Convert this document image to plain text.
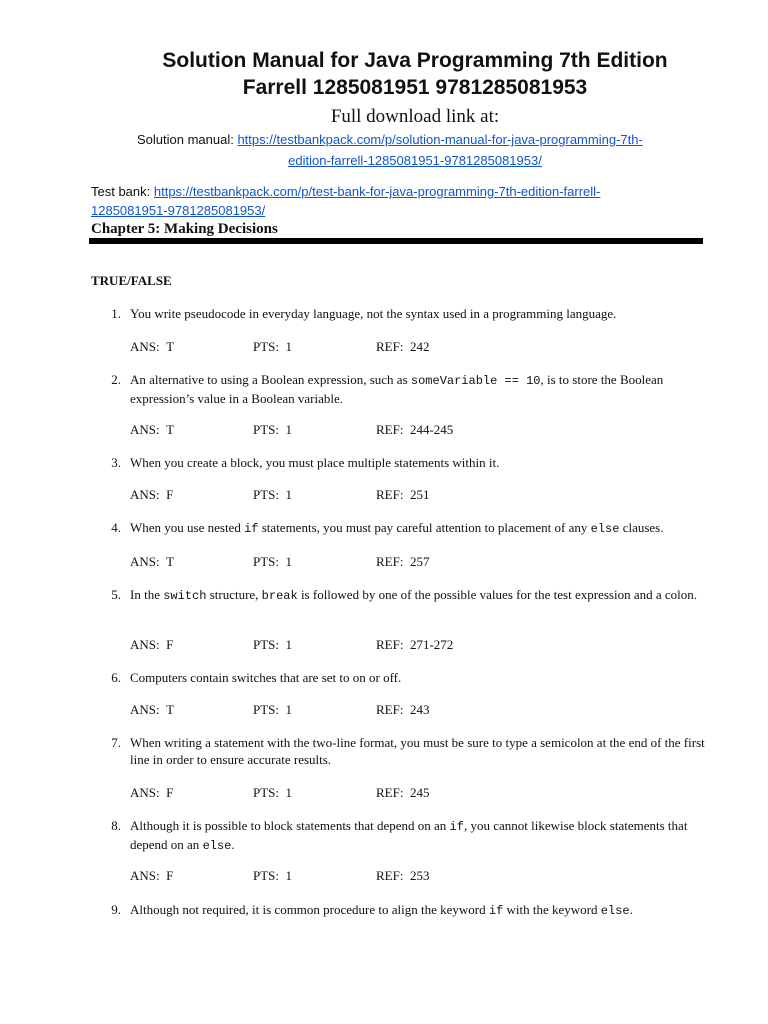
Solution Manual for Java Programming 7th Edition
Farrell 1285081951 9781285081953
Full download link at:
Solution manual: https://testbankpack.com/p/solution-manual-for-java-programming-7th-
edition-farrell-1285081951-9781285081953/
Test bank: https://testbankpack.com/p/test-bank-for-java-programming-7th-edition-farrell-
1285081951-9781285081953/
Chapter 5: Making Decisions
TRUE/FALSE
1. You write pseudocode in everyday language, not the syntax used in a programming language.
ANS:  T	PTS:  1	REF:  242
2. An alternative to using a Boolean expression, such as someVariable == 10, is to store the Boolean expression’s value in a Boolean variable.
ANS:  T	PTS:  1	REF:  244-245
3. When you create a block, you must place multiple statements within it.
ANS:  F	PTS:  1	REF:  251
4. When you use nested if statements, you must pay careful attention to placement of any else clauses.
ANS:  T	PTS:  1	REF:  257
5. In the switch structure, break is followed by one of the possible values for the test expression and a colon.
ANS:  F	PTS:  1	REF:  271-272
6. Computers contain switches that are set to on or off.
ANS:  T	PTS:  1	REF:  243
7. When writing a statement with the two-line format, you must be sure to type a semicolon at the end of the first line in order to ensure accurate results.
ANS:  F	PTS:  1	REF:  245
8. Although it is possible to block statements that depend on an if, you cannot likewise block statements that depend on an else.
ANS:  F	PTS:  1	REF:  253
9. Although not required, it is common procedure to align the keyword if with the keyword else.
